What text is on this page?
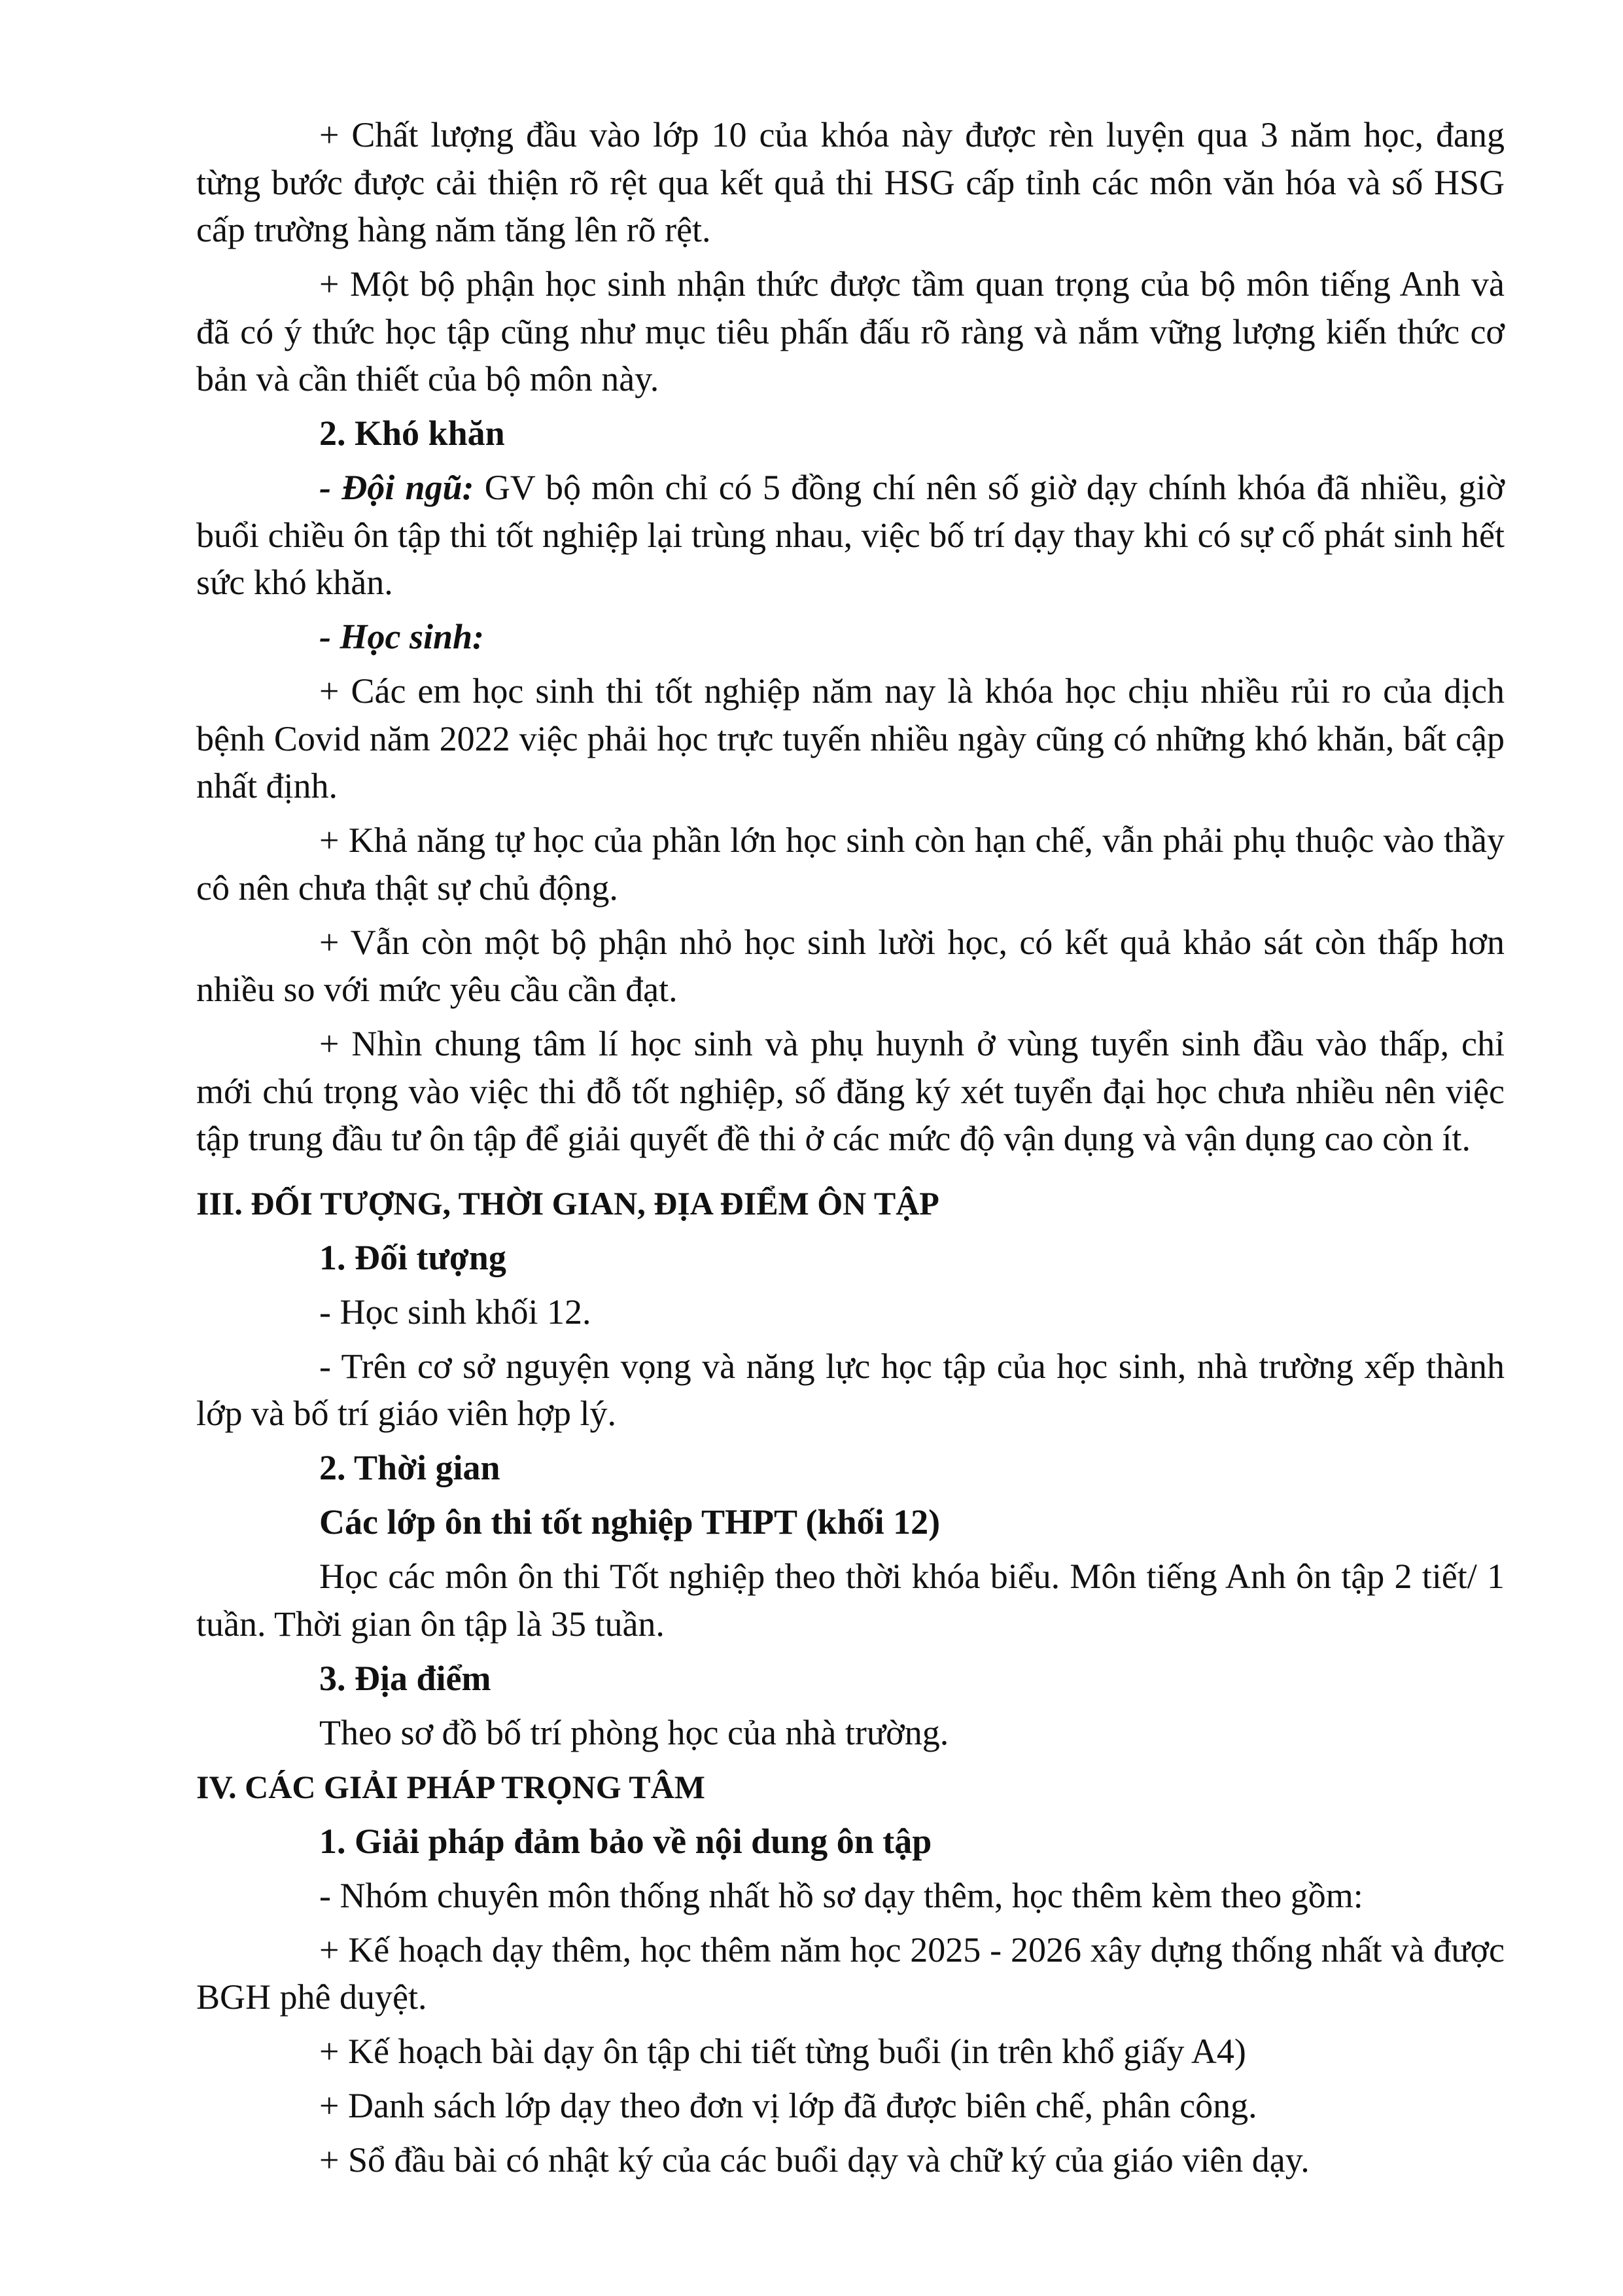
+ Chất lượng đầu vào lớp 10 của khóa này được rèn luyện qua 3 năm học, đang từng bước được cải thiện rõ rệt qua kết quả thi HSG cấp tỉnh các môn văn hóa và số HSG cấp trường hàng năm tăng lên rõ rệt.

+ Một bộ phận học sinh nhận thức được tầm quan trọng của bộ môn tiếng Anh và đã có ý thức học tập cũng như mục tiêu phấn đấu rõ ràng và nắm vững lượng kiến thức cơ bản và cần thiết của bộ môn này.

2. Khó khăn

- Đội ngũ: GV bộ môn chỉ có 5 đồng chí nên số giờ dạy chính khóa đã nhiều, giờ buổi chiều ôn tập thi tốt nghiệp lại trùng nhau, việc bố trí dạy thay khi có sự cố phát sinh hết sức khó khăn.

- Học sinh:

+ Các em học sinh thi tốt nghiệp năm nay là khóa học chịu nhiều rủi ro của dịch bệnh Covid năm 2022 việc phải học trực tuyến nhiều ngày cũng có những khó khăn, bất cập nhất định.

+ Khả năng tự học của phần lớn học sinh còn hạn chế, vẫn phải phụ thuộc vào thầy cô nên chưa thật sự chủ động.

+ Vẫn còn một bộ phận nhỏ học sinh lười học, có kết quả khảo sát còn thấp hơn nhiều so với mức yêu cầu cần đạt.

+ Nhìn chung tâm lí học sinh và phụ huynh ở vùng tuyển sinh đầu vào thấp, chỉ mới chú trọng vào việc thi đỗ tốt nghiệp, số đăng ký xét tuyển đại học chưa nhiều nên việc tập trung đầu tư ôn tập để giải quyết đề thi ở các mức độ vận dụng và vận dụng cao còn ít.

III. ĐỐI TƯỢNG, THỜI GIAN, ĐỊA ĐIỂM ÔN TẬP

1. Đối tượng

- Học sinh khối 12.

- Trên cơ sở nguyện vọng và năng lực học tập của học sinh, nhà trường xếp thành lớp và bố trí giáo viên hợp lý.

2. Thời gian

Các lớp ôn thi tốt nghiệp THPT (khối 12)

Học các môn ôn thi Tốt nghiệp theo thời khóa biểu. Môn tiếng Anh ôn tập 2 tiết/ 1 tuần. Thời gian ôn tập là 35 tuần.

3. Địa điểm

Theo sơ đồ bố trí phòng học của nhà trường.

IV. CÁC GIẢI PHÁP TRỌNG TÂM

1. Giải pháp đảm bảo về nội dung ôn tập

- Nhóm chuyên môn thống nhất hồ sơ dạy thêm, học thêm kèm theo gồm:

+ Kế hoạch dạy thêm, học thêm năm học 2025 - 2026 xây dựng thống nhất và được BGH phê duyệt.

+ Kế hoạch bài dạy ôn tập chi tiết từng buổi (in trên khổ giấy A4)

+ Danh sách lớp dạy theo đơn vị lớp đã được biên chế, phân công.

+ Sổ đầu bài có nhật ký của các buổi dạy và chữ ký của giáo viên dạy.
